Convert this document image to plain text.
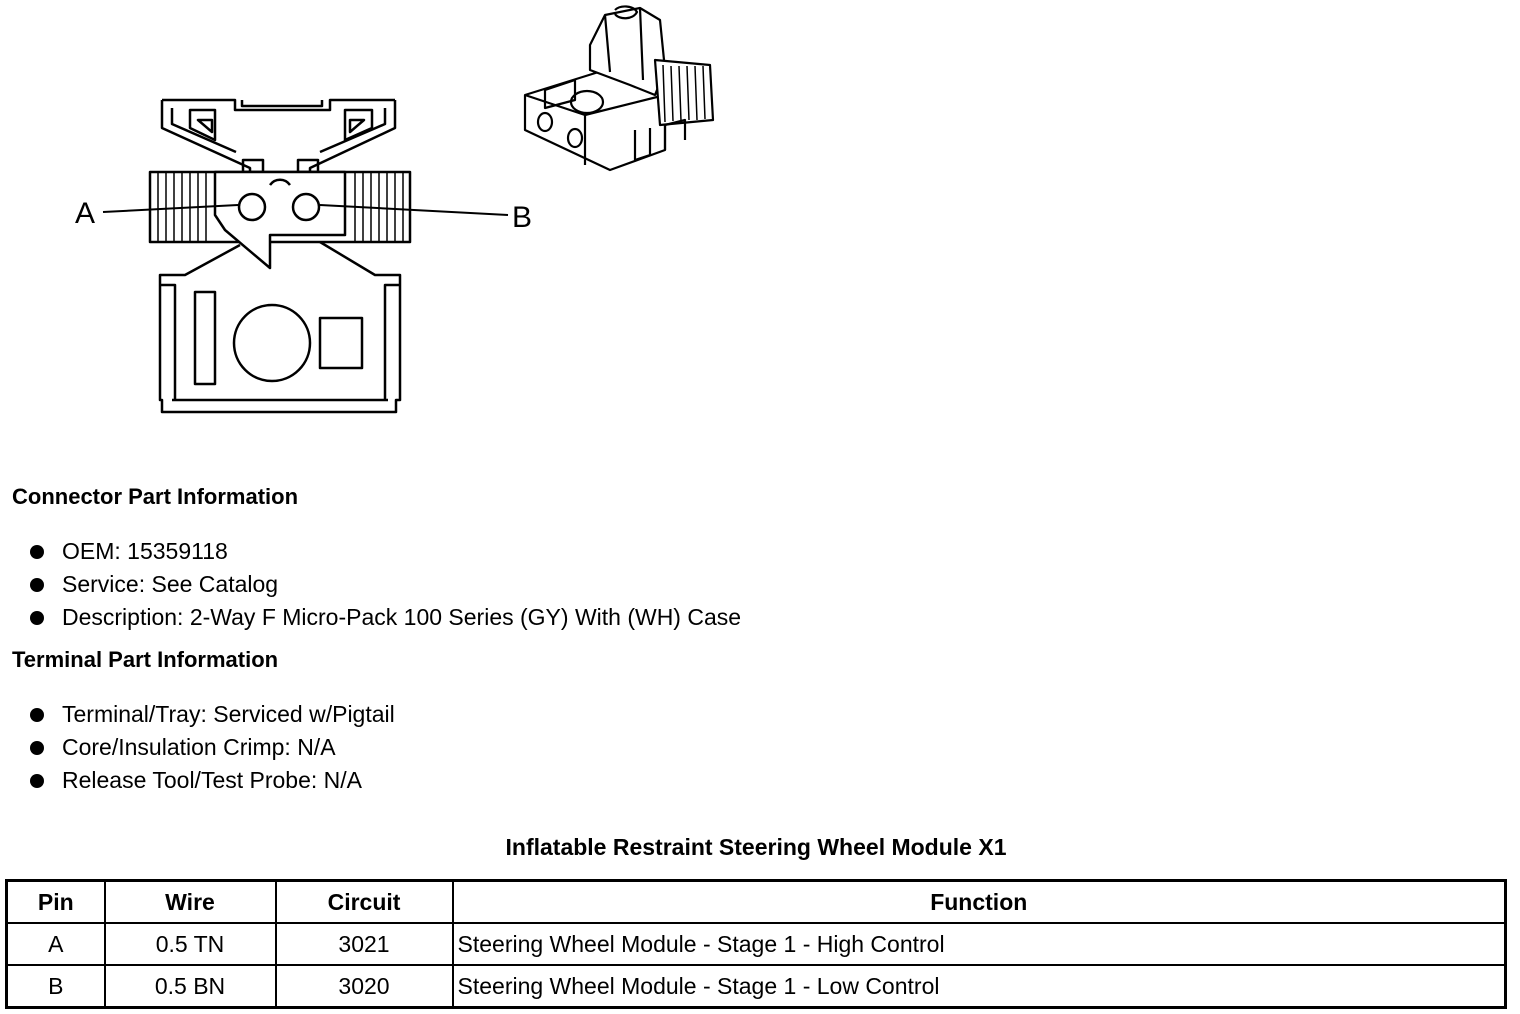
A	B
Connector Part Information
OEM: 15359118
Service: See Catalog
Description: 2-Way F Micro-Pack 100 Series (GY) With (WH) Case
Terminal Part Information
Terminal/Tray: Serviced w/Pigtail
Core/Insulation Crimp: N/A
Release Tool/Test Probe: N/A
Inflatable Restraint Steering Wheel Module X1
Pin	Wire	Circuit	Function
A	0.5 TN	3021	Steering Wheel Module - Stage 1 - High Control
B	0.5 BN	3020	Steering Wheel Module - Stage 1 - Low Control
